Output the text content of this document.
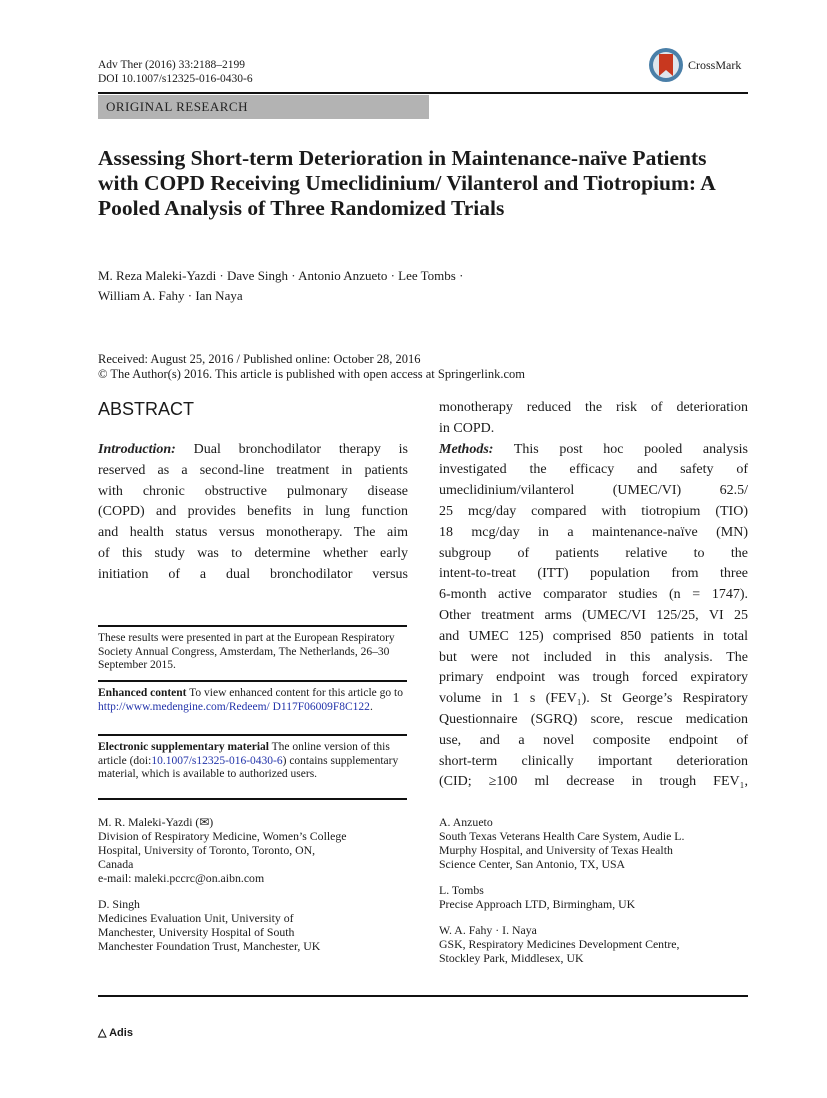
Adv Ther (2016) 33:2188–2199
DOI 10.1007/s12325-016-0430-6
CrossMark
ORIGINAL RESEARCH
Assessing Short-term Deterioration in Maintenance-naïve Patients with COPD Receiving Umeclidinium/ Vilanterol and Tiotropium: A Pooled Analysis of Three Randomized Trials
M. Reza Maleki-Yazdi · Dave Singh · Antonio Anzueto · Lee Tombs ·
William A. Fahy · Ian Naya
Received: August 25, 2016 / Published online: October 28, 2016
© The Author(s) 2016. This article is published with open access at Springerlink.com
ABSTRACT
Introduction: Dual bronchodilator therapy is
reserved as a second-line treatment in patients
with chronic obstructive pulmonary disease
(COPD) and provides benefits in lung function
and health status versus monotherapy. The aim
of this study was to determine whether early
initiation of a dual bronchodilator versus
monotherapy reduced the risk of deterioration
in COPD.
Methods: This post hoc pooled analysis
investigated the efficacy and safety of
umeclidinium/vilanterol (UMEC/VI) 62.5/
25 mcg/day compared with tiotropium (TIO)
18 mcg/day in a maintenance-naïve (MN)
subgroup of patients relative to the
intent-to-treat (ITT) population from three
6-month active comparator studies (n = 1747).
Other treatment arms (UMEC/VI 125/25, VI 25
and UMEC 125) comprised 850 patients in total
but were not included in this analysis. The
primary endpoint was trough forced expiratory
volume in 1 s (FEV₁). St George’s Respiratory
Questionnaire (SGRQ) score, rescue medication
use, and a novel composite endpoint of
short-term clinically important deterioration
(CID; ≥100 ml decrease in trough FEV₁,
These results were presented in part at the European Respiratory Society Annual Congress, Amsterdam, The Netherlands, 26–30 September 2015.
Enhanced content To view enhanced content for this article go to http://www.medengine.com/Redeem/ D117F06009F8C122.
Electronic supplementary material The online version of this article (doi:10.1007/s12325-016-0430-6) contains supplementary material, which is available to authorized users.
M. R. Maleki-Yazdi (✉)
Division of Respiratory Medicine, Women’s College
Hospital, University of Toronto, Toronto, ON,
Canada
e-mail: maleki.pccrc@on.aibn.com
D. Singh
Medicines Evaluation Unit, University of
Manchester, University Hospital of South
Manchester Foundation Trust, Manchester, UK
A. Anzueto
South Texas Veterans Health Care System, Audie L.
Murphy Hospital, and University of Texas Health
Science Center, San Antonio, TX, USA
L. Tombs
Precise Approach LTD, Birmingham, UK
W. A. Fahy · I. Naya
GSK, Respiratory Medicines Development Centre,
Stockley Park, Middlesex, UK
△ Adis
